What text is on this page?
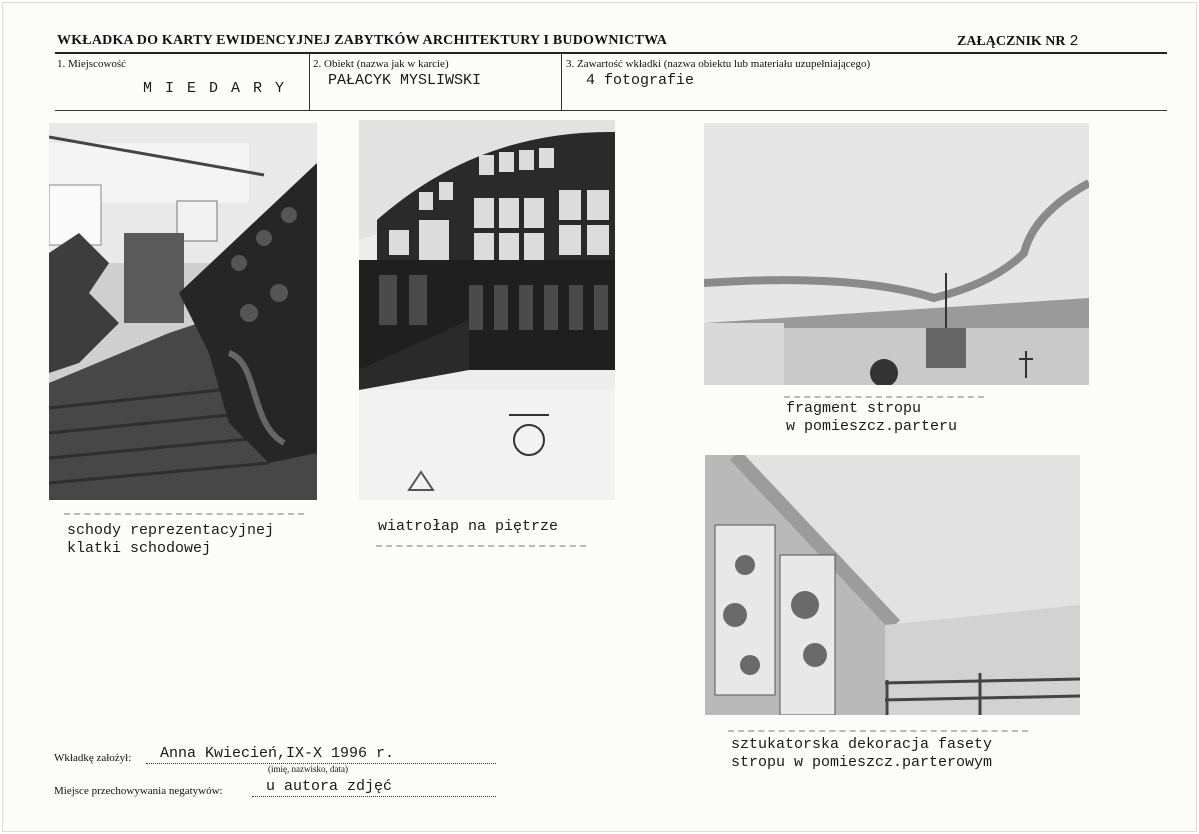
WKŁADKA DO KARTY EWIDENCYJNEJ ZABYTKÓW ARCHITEKTURY I BUDOWNICTWA	ZAŁĄCZNIK NR 2
1. Miejscowość
M I E D A R Y
2. Obiekt (nazwa jak w karcie)
PAŁACYK MYSLIWSKI
3. Zawartość wkładki (nazwa obiektu lub materiału uzupełniającego)
4 fotografie
schody reprezentacyjnej
klatki schodowej
wiatrołap na piętrze
fragment stropu
w pomieszcz.parteru
sztukatorska dekoracja fasety
stropu w pomieszcz.parterowym
Wkładkę założył: Anna Kwiecień,IX-X 1996 r.
(imię, nazwisko, data)
Miejsce przechowywania negatywów:	u autora zdjęć
